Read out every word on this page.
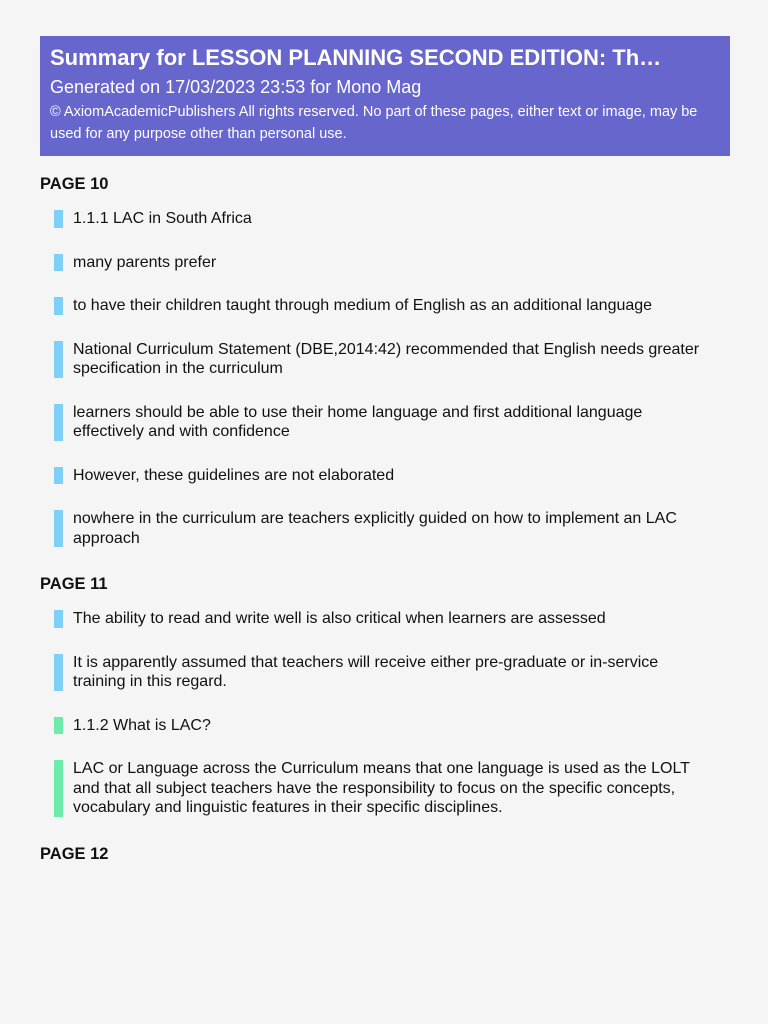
Summary for LESSON PLANNING SECOND EDITION: Th…
Generated on 17/03/2023 23:53 for Mono Mag
© AxiomAcademicPublishers All rights reserved. No part of these pages, either text or image, may be used for any purpose other than personal use.
PAGE 10
1.1.1 LAC in South Africa
many parents prefer
to have their children taught through medium of English as an additional language
National Curriculum Statement (DBE,2014:42) recommended that English needs greater specification in the curriculum
learners should be able to use their home language and first additional language effectively and with confidence
However, these guidelines are not elaborated
nowhere in the curriculum are teachers explicitly guided on how to implement an LAC approach
PAGE 11
The ability to read and write well is also critical when learners are assessed
It is apparently assumed that teachers will receive either pre-graduate or in-service training in this regard.
1.1.2 What is LAC?
LAC or Language across the Curriculum means that one language is used as the LOLT and that all subject teachers have the responsibility to focus on the specific concepts, vocabulary and linguistic features in their specific disciplines.
PAGE 12
